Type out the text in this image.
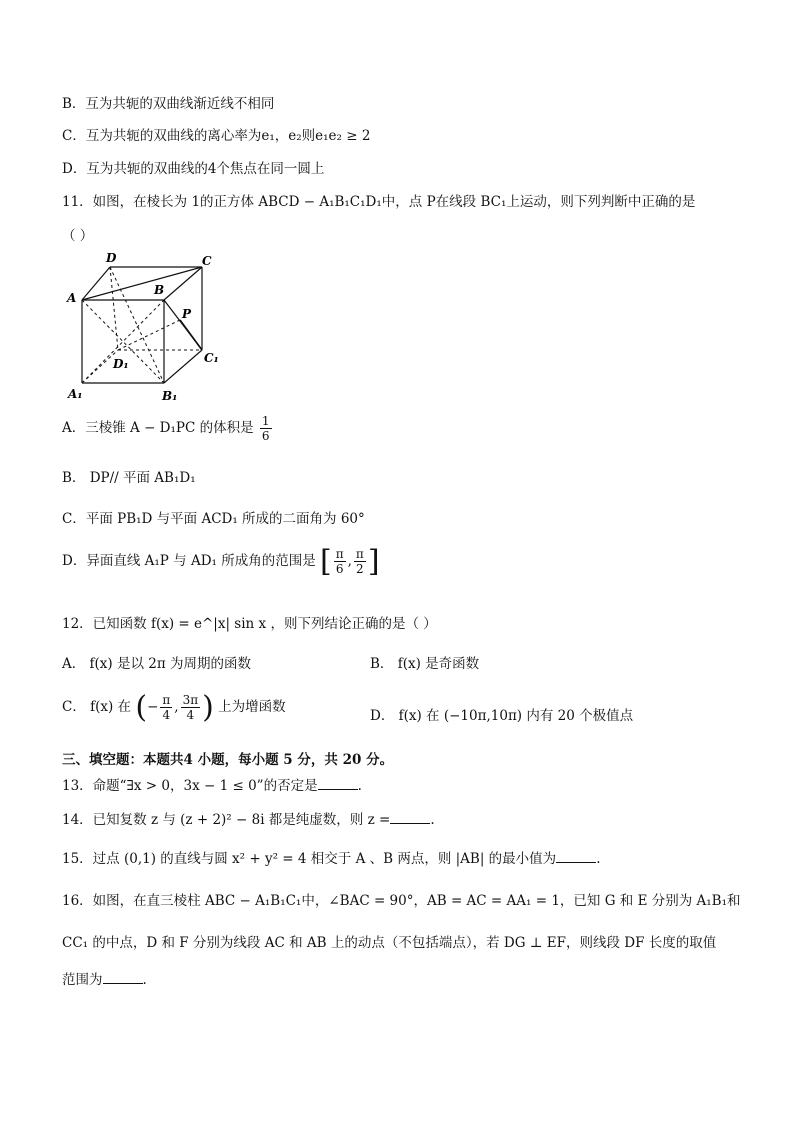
B．互为共轭的双曲线渐近线不相同
C．互为共轭的双曲线的离心率为e₁，e₂则e₁e₂ ≥ 2
D．互为共轭的双曲线的4个焦点在同一圆上
11．如图，在棱长为 1的正方体 ABCD − A₁B₁C₁D₁中，点 P在线段 BC₁上运动，则下列判断中正确的是
（ ）
D	C
A
B
P
D₁	C₁
A₁	B₁
A．三棱锥 A − D₁PC 的体积是 $\frac{1}{6}$
B． DP// 平面 AB₁D₁
C．平面 PB₁D 与平面 ACD₁ 所成的二面角为 60°
D．异面直线 A₁P 与 AD₁ 所成角的范围是 [ $\frac{\pi}{6}$ , $\frac{\pi}{2}$ ]
12．已知函数 f(x) = e^|x| sin x ，则下列结论正确的是（ ）
A． f(x) 是以 2π 为周期的函数	B． f(x) 是奇函数
C． f(x) 在 (− $\frac{\pi}{4}$ , $\frac{3\pi}{4}$ ) 上为增函数
D． f(x) 在 (−10π,10π) 内有 20 个极值点
三、填空题：本题共4 小题，每小题 5 分，共 20 分。
13．命题“∃x > 0，3x − 1 ≤ 0”的否定是	.
14．已知复数 z 与 (z + 2)² − 8i 都是纯虚数，则 z =	.
15．过点 (0,1) 的直线与圆 x² + y² = 4 相交于 A 、B 两点，则 |AB| 的最小值为	.
16．如图，在直三棱柱 ABC − A₁B₁C₁中，∠BAC = 90°，AB = AC = AA₁ = 1，已知 G 和 E 分别为 A₁B₁和
CC₁ 的中点，D 和 F 分别为线段 AC 和 AB 上的动点（不包括端点），若 DG ⊥ EF，则线段 DF 长度的取值
范围为	.
